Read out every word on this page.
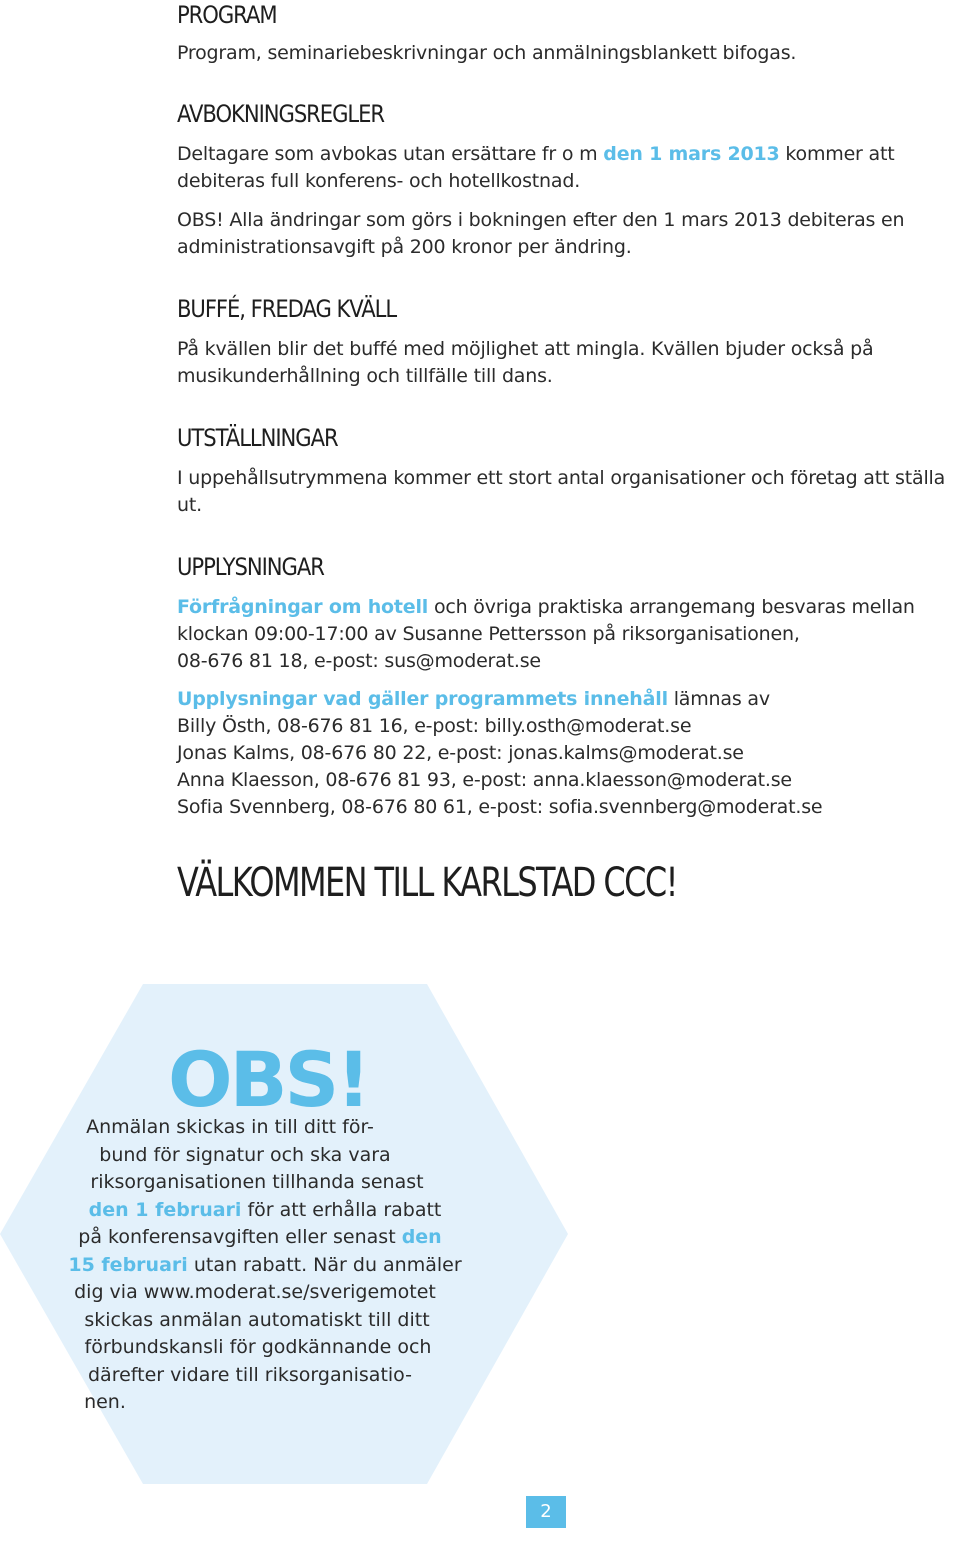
PROGRAM

Program, seminariebeskrivningar och anmälningsblankett bifogas.

AVBOKNINGSREGLER

Deltagare som avbokas utan ersättare fr o m den 1 mars 2013 kommer att debiteras full konferens- och hotellkostnad.

OBS! Alla ändringar som görs i bokningen efter den 1 mars 2013 debiteras en administrationsavgift på 200 kronor per ändring.

BUFFÉ, FREDAG KVÄLL

På kvällen blir det buffé med möjlighet att mingla. Kvällen bjuder också på musikunderhållning och tillfälle till dans.

UTSTÄLLNINGAR

I uppehållsutrymmena kommer ett stort antal organisationer och företag att ställa ut.

UPPLYSNINGAR

Förfrågningar om hotell och övriga praktiska arrangemang besvaras mellan klockan 09:00-17:00 av Susanne Pettersson på riksorganisationen,

08-676 81 18, e-post: sus@moderat.se

Upplysningar vad gäller programmets innehåll lämnas av

Billy Östh, 08-676 81 16, e-post: billy.osth@moderat.se

Jonas Kalms, 08-676 80 22, e-post: jonas.kalms@moderat.se

Anna Klaesson, 08-676 81 93, e-post: anna.klaesson@moderat.se

Sofia Svennberg, 08-676 80 61, e-post: sofia.svennberg@moderat.se

VÄLKOMMEN TILL KARLSTAD CCC!
OBS!
Anmälan skickas in till ditt för-
bund för signatur och ska vara
riksorganisationen tillhanda senast
den 1 februari för att erhålla rabatt
på konferensavgiften eller senast den
15 februari utan rabatt. När du anmäler
dig via www.moderat.se/sverigemotet
skickas anmälan automatiskt till ditt
förbundskansli för godkännande och
därefter vidare till riksorganisatio-
nen.
2
